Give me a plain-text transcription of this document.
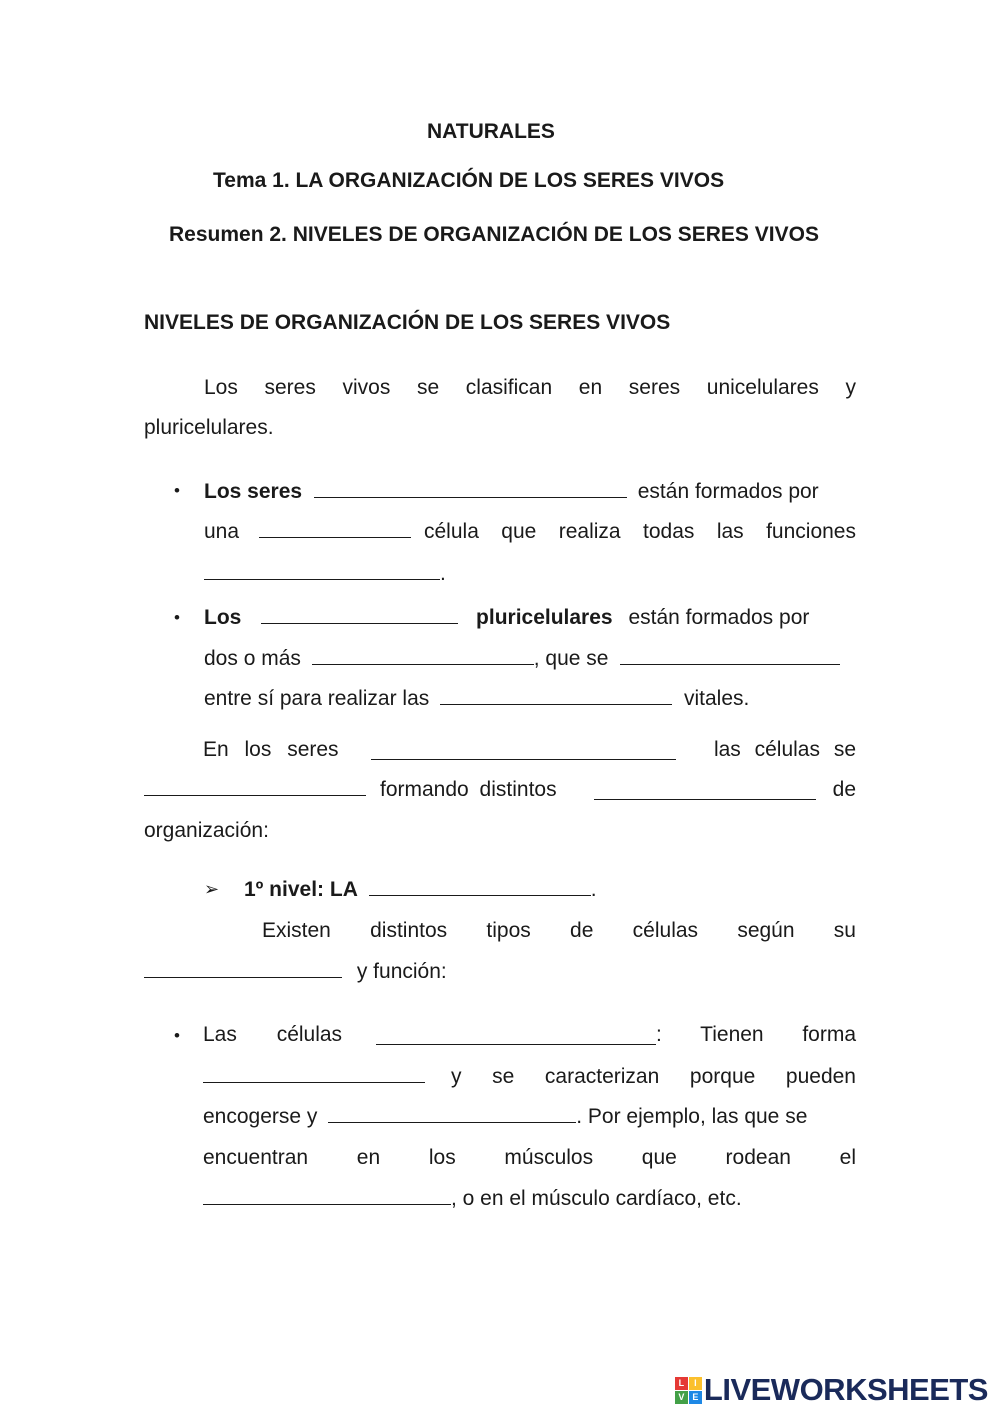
NATURALES
Tema 1. LA ORGANIZACIÓN DE LOS SERES VIVOS
Resumen 2. NIVELES DE ORGANIZACIÓN DE LOS SERES VIVOS
NIVELES DE ORGANIZACIÓN DE LOS SERES VIVOS
Los seres vivos se clasifican en seres unicelulares y
pluricelulares.
• Los seres	están formados por
una	célula que realiza todas las funciones
.
• Los	pluricelulares están formados por
dos o más	, que se
entre sí para realizar las	vitales.
En los seres	las células se
formando distintos	de
organización:
➢ 1º nivel: LA	.
Existen distintos tipos de células según su
y función:
• Las células	: Tienen forma
y se caracterizan porque pueden
encogerse y	. Por ejemplo, las que se
encuentran en los músculos que rodean el
, o en el músculo cardíaco, etc.
L	I
V E LIVEWORKSHEETS
